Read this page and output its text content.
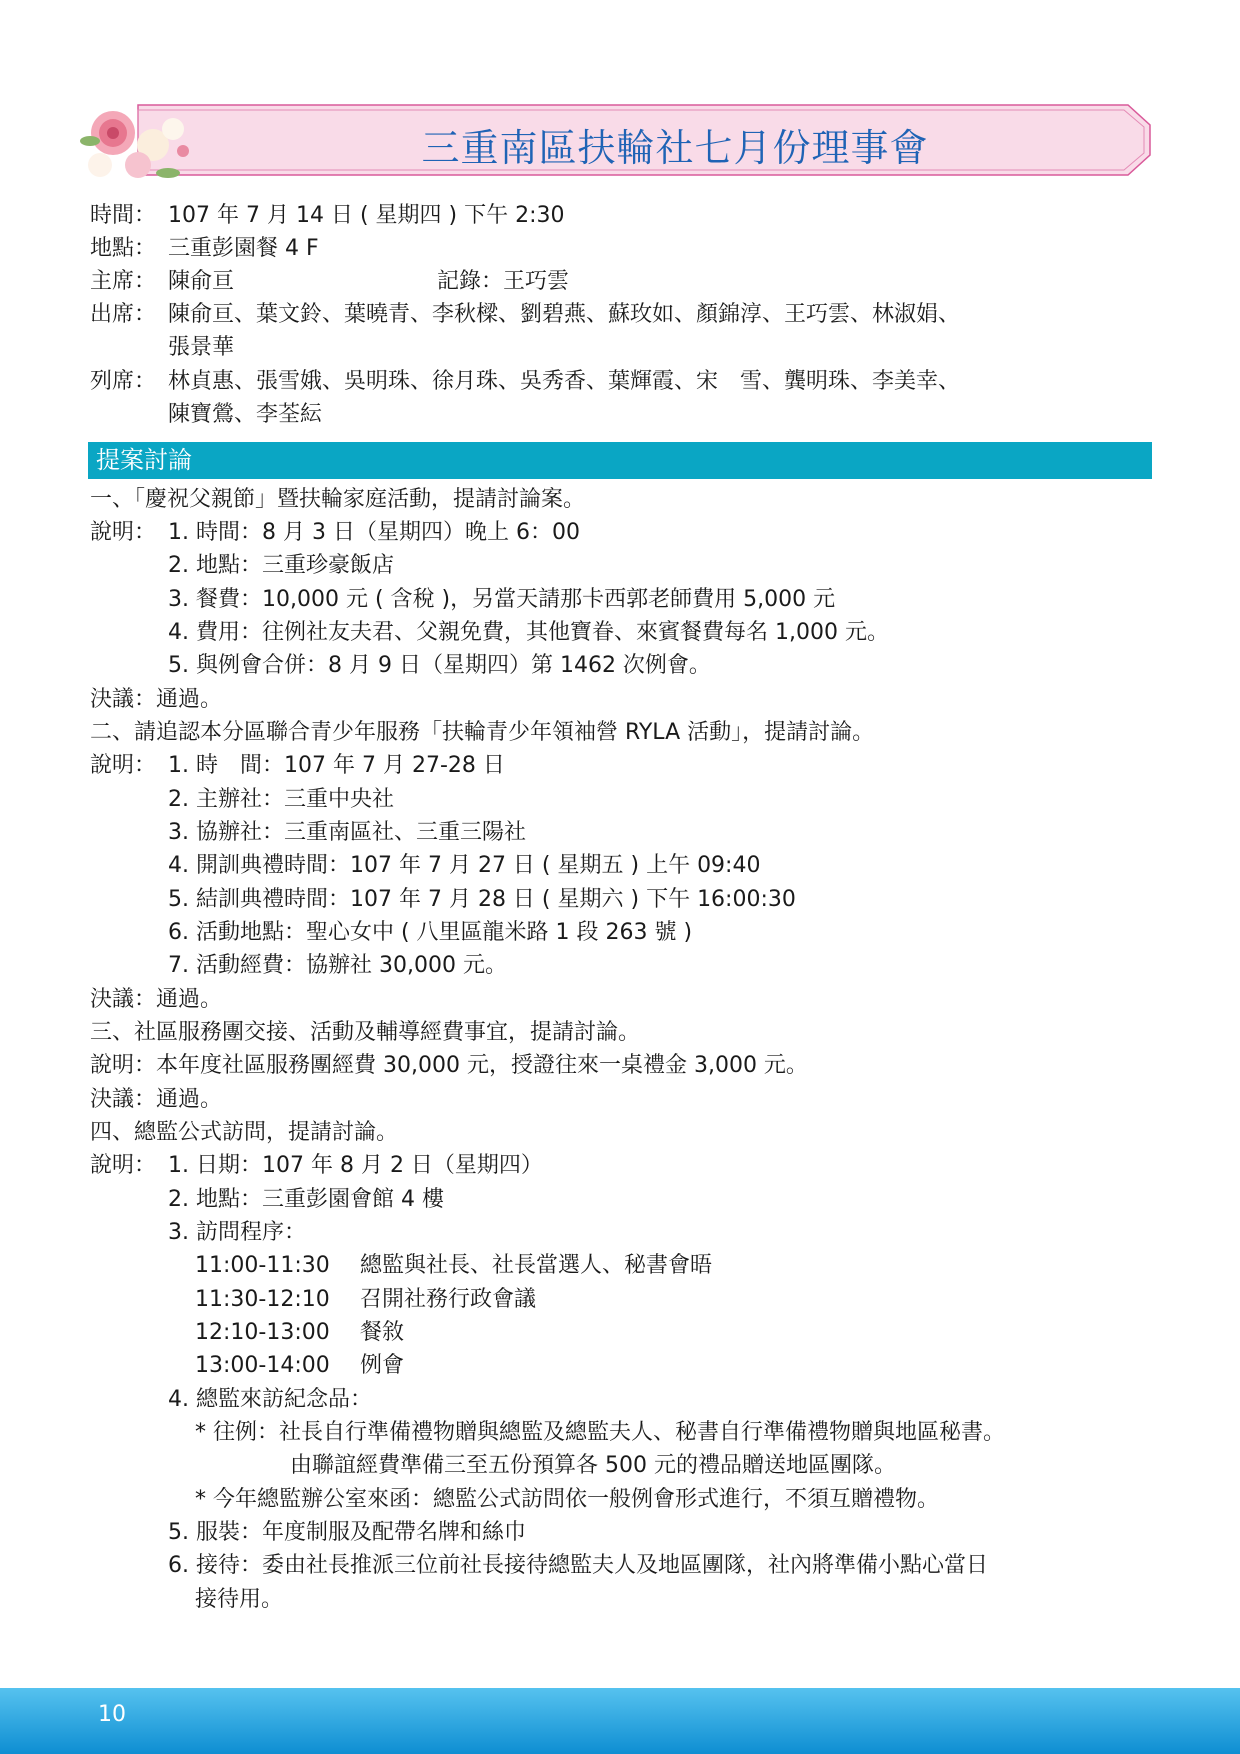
三重南區扶輪社七月份理事會
時間： 107 年 7 月 14 日 ( 星期四 ) 下午 2:30
地點： 三重彭園餐 4 F
主席： 陳俞亘	記錄：王巧雲
出席： 陳俞亘、葉文鈴、葉曉青、李秋樑、劉碧燕、蘇玫如、顏錦淳、王巧雲、林淑娟、
張景華
列席： 林貞惠、張雪娥、吳明珠、徐月珠、吳秀香、葉輝霞、宋　雪、龔明珠、李美幸、
陳寶鶯、李荃紜
提案討論
一、「慶祝父親節」暨扶輪家庭活動，提請討論案。
說明： 1. 時間：8 月 3 日（星期四）晚上 6：00
2. 地點：三重珍豪飯店
3. 餐費：10,000 元 ( 含稅 )，另當天請那卡西郭老師費用 5,000 元
4. 費用：往例社友夫君、父親免費，其他寶眷、來賓餐費每名 1,000 元。
5. 與例會合併：8 月 9 日（星期四）第 1462 次例會。
決議：通過。
二、請追認本分區聯合青少年服務「扶輪青少年領袖營 RYLA 活動」，提請討論。
說明： 1. 時　間：107 年 7 月 27-28 日
2. 主辦社：三重中央社
3. 協辦社：三重南區社、三重三陽社
4. 開訓典禮時間：107 年 7 月 27 日 ( 星期五 ) 上午 09:40
5. 結訓典禮時間：107 年 7 月 28 日 ( 星期六 ) 下午 16:00:30
6. 活動地點：聖心女中 ( 八里區龍米路 1 段 263 號 )
7. 活動經費：協辦社 30,000 元。
決議：通過。
三、社區服務團交接、活動及輔導經費事宜，提請討論。
說明：本年度社區服務團經費 30,000 元，授證往來一桌禮金 3,000 元。
決議：通過。
四、總監公式訪問，提請討論。
說明： 1. 日期：107 年 8 月 2 日（星期四）
2. 地點：三重彭園會館 4 樓
3. 訪問程序：
11:00-11:30 總監與社長、社長當選人、秘書會晤
11:30-12:10 召開社務行政會議
12:10-13:00 餐敘
13:00-14:00 例會
4. 總監來訪紀念品：
* 往例：社長自行準備禮物贈與總監及總監夫人、秘書自行準備禮物贈與地區秘書。
由聯誼經費準備三至五份預算各 500 元的禮品贈送地區團隊。
* 今年總監辦公室來函：總監公式訪問依一般例會形式進行，不須互贈禮物。
5. 服裝：年度制服及配帶名牌和絲巾
6. 接待：委由社長推派三位前社長接待總監夫人及地區團隊，社內將準備小點心當日
接待用。
10
